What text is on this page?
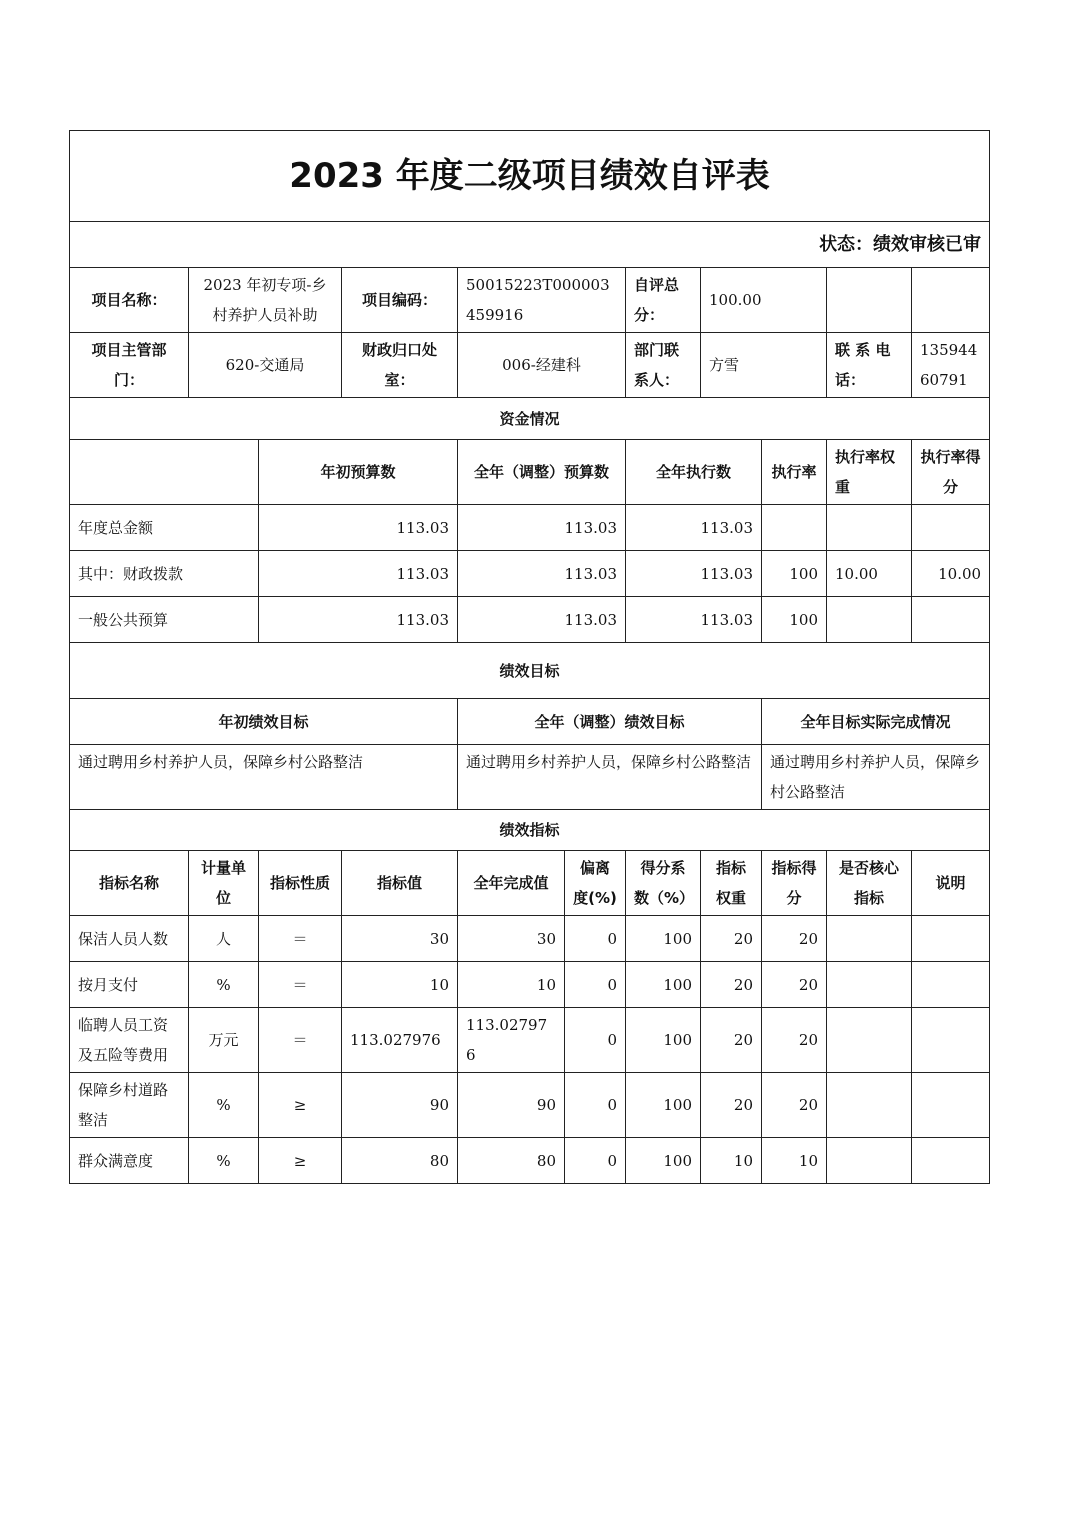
2023 年度二级项目绩效自评表										
状态：绩效审核已审										
项目名称：	2023 年初专项-乡村养护人员补助		项目编码：	50015223T000003459916		自评总分：	100.00			
项目主管部门：	620-交通局		财政归口处室：	006-经建科		部门联系人：	方雪		联 系 电话：	13594460791
资金情况										
		年初预算数		全年（调整）预算数		全年执行数		执行率	执行率权重	执行率得分
年度总金额		113.03		113.03		113.03				
其中：财政拨款		113.03		113.03		113.03		100	10.00	10.00
一般公共预算		113.03		113.03		113.03		100		
绩效目标										
年初绩效目标				全年（调整）绩效目标				全年目标实际完成情况		
通过聘用乡村养护人员，保障乡村公路整洁				通过聘用乡村养护人员，保障乡村公路整洁				通过聘用乡村养护人员，保障乡村公路整洁		
绩效指标										
指标名称	计量单位	指标性质	指标值	全年完成值	偏离度(%)	得分系数（%）	指标权重	指标得分	是否核心指标	说明
保洁人员人数	人	＝	30	30	0	100	20	20		
按月支付	%	＝	10	10	0	100	20	20		
临聘人员工资及五险等费用	万元	＝	113.027976	113.027976	0	100	20	20		
保障乡村道路整洁	%	≥	90	90	0	100	20	20		
群众满意度	%	≥	80	80	0	100	10	10		
